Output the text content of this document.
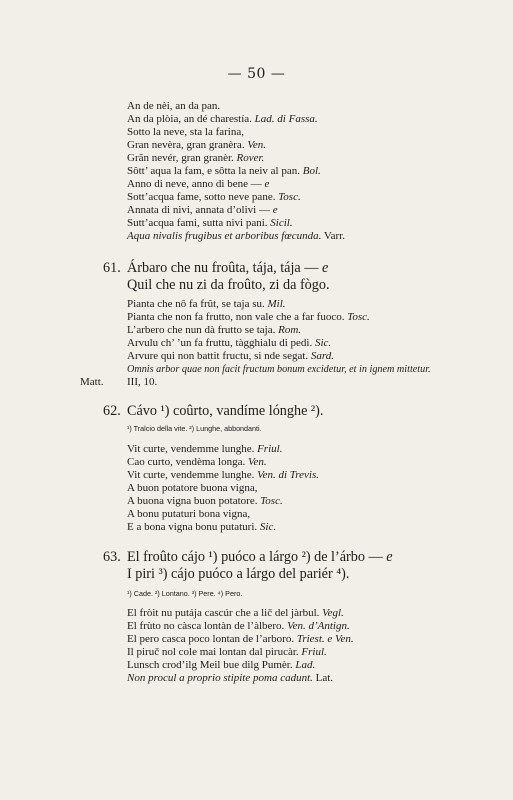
— 50 —
An de nèi, an da pan.
An da plòia, an dé charestía. Lad. di Fassa.
Sotto la neve, sta la farina,
Gran nevèra, gran granèra. Ven.
Grãn nevér, gran granèr. Rover.
Sôtt’ aqua la fam, e sôtta la neiv al pan. Bol.
Anno di neve, anno di bene — e
Sott’acqua fame, sotto neve pane. Tosc.
Annata di nivi, annata d’olivi — e
Sutt’acqua fami, sutta nivi pani. Sicil.
Aqua nivalis frugibus et arboribus fœcunda. Varr.
61. Árbaro che nu froûta, tája, tája — e
Quil che nu zi da froûto, zi da fògo.
Pianta che nô fa frût, se taja su. Mil.
Pianta che non fa frutto, non vale che a far fuoco. Tosc.
L’arbero che nun dà frutto se taja. Rom.
Arvulu ch’ ’un fa fruttu, tàgghialu di pedi. Sic.
Arvure qui non battit fructu, si nde segat. Sard.
Omnis arbor quae non facit fructum bonum excidetur, et in ignem mittetur.
Matt. III, 10.
62. Cávo ¹) coûrto, vandíme lónghe ²).
¹) Tralcio della vite. ²) Lunghe, abbondanti.
Vit curte, vendemme lunghe. Friul.
Cao curto, vendèma longa. Ven.
Vit curte, vendemme lunghe. Ven. di Trevis.
A buon potatore buona vigna,
A buona vigna buon potatore. Tosc.
A bonu putaturi bona vigna,
E a bona vigna bonu putaturi. Sic.
63. El froûto cájo ¹) puóco a lárgo ²) de l’árbo — e
I piri ³) cájo puóco a lárgo del pariér ⁴).
¹) Cade. ²) Lontano. ³) Pere. ⁴) Pero.
El fròit nu putája cascúr che a lič del jàrbul. Vegl.
El frùto no càsca lontàn de l’àlbero. Ven. d’Antign.
El pero casca poco lontan de l’arboro. Triest. e Ven.
Il piruč nol cole mai lontan dal pirucàr. Friul.
Lunsch crod’ilg Meil bue dilg Pumèr. Lad.
Non procul a proprio stipite poma cadunt. Lat.
